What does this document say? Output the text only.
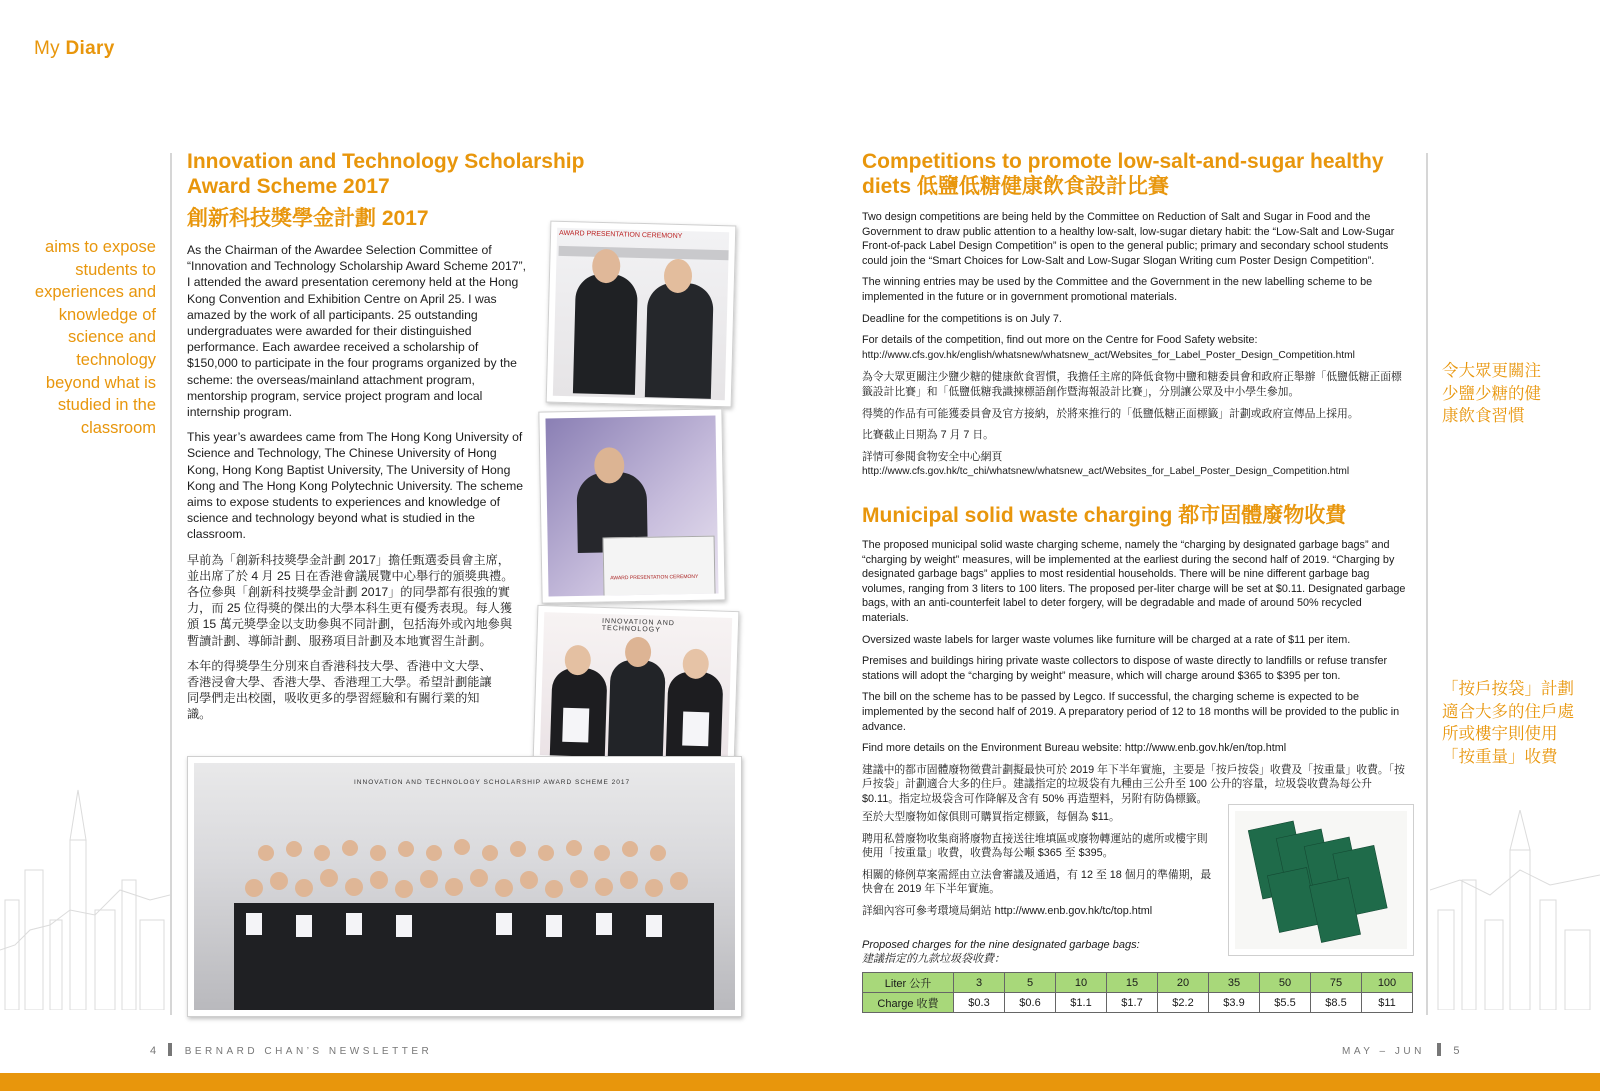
My Diary
aims to expose students to experiences and knowledge of science and technology beyond what is studied in the classroom
Innovation and Technology Scholarship Award Scheme 2017
創新科技獎學金計劃 2017

As the Chairman of the Awardee Selection Committee of “Innovation and Technology Scholarship Award Scheme 2017”, I attended the award presentation ceremony held at the Hong Kong Convention and Exhibition Centre on April 25. I was amazed by the work of all participants. 25 outstanding undergraduates were awarded for their distinguished performance. Each awardee received a scholarship of $150,000 to participate in the four programs organized by the scheme: the overseas/mainland attachment program, mentorship program, service project program and local internship program.

This year’s awardees came from The Hong Kong University of Science and Technology, The Chinese University of Hong Kong, Hong Kong Baptist University, The University of Hong Kong and The Hong Kong Polytechnic University. The scheme aims to expose students to experiences and knowledge of science and technology beyond what is studied in the classroom.

早前為「創新科技獎學金計劃 2017」擔任甄選委員會主席，並出席了於 4 月 25 日在香港會議展覽中心舉行的頒獎典禮。各位參與「創新科技獎學金計劃 2017」的同學都有很強的實力，而 25 位得獎的傑出的大學本科生更有優秀表現。每人獲頒 15 萬元獎學金以支助參與不同計劃，包括海外或內地參與暫讀計劃、導師計劃、服務項目計劃及本地實習生計劃。

本年的得獎學生分別來自香港科技大學、香港中文大學、香港浸會大學、香港大學、香港理工大學。希望計劃能讓同學們走出校園，吸收更多的學習經驗和有關行業的知識。

AWARD PRESENTATION CEREMONY
AWARD PRESENTATION CEREMONY
INNOVATION AND TECHNOLOGY
INNOVATION AND TECHNOLOGY SCHOLARSHIP AWARD SCHEME 2017
Competitions to promote low-salt-and-sugar healthy diets 低鹽低糖健康飲食設計比賽

Two design competitions are being held by the Committee on Reduction of Salt and Sugar in Food and the Government to draw public attention to a healthy low-salt, low-sugar dietary habit: the “Low-Salt and Low-Sugar Front-of-pack Label Design Competition” is open to the general public; primary and secondary school students could join the “Smart Choices for Low-Salt and Low-Sugar Slogan Writing cum Poster Design Competition”.

The winning entries may be used by the Committee and the Government in the new labelling scheme to be implemented in the future or in government promotional materials.

Deadline for the competitions is on July 7.

For details of the competition, find out more on the Centre for Food Safety website:
http://www.cfs.gov.hk/english/whatsnew/whatsnew_act/Websites_for_Label_Poster_Design_Competition.html

為令大眾更關注少鹽少糖的健康飲食習慣，我擔任主席的降低食物中鹽和糖委員會和政府正舉辦「低鹽低糖正面標籤設計比賽」和「低鹽低糖我識揀標語創作暨海報設計比賽」，分別讓公眾及中小學生參加。

得獎的作品有可能獲委員會及官方接納，於將來推行的「低鹽低糖正面標籤」計劃或政府宣傳品上採用。

比賽截止日期為 7 月 7 日。

詳情可參閱食物安全中心網頁
http://www.cfs.gov.hk/tc_chi/whatsnew/whatsnew_act/Websites_for_Label_Poster_Design_Competition.html

令大眾更關注少鹽少糖的健康飲食習慣
「按戶按袋」計劃適合大多的住戶處所或樓宇則使用「按重量」收費
Municipal solid waste charging 都市固體廢物收費

The proposed municipal solid waste charging scheme, namely the “charging by designated garbage bags” and “charging by weight” measures, will be implemented at the earliest during the second half of 2019. “Charging by designated garbage bags” applies to most residential households. There will be nine different garbage bag volumes, ranging from 3 liters to 100 liters. The proposed per-liter charge will be set at $0.11. Designated garbage bags, with an anti-counterfeit label to deter forgery, will be degradable and made of around 50% recycled materials.

Oversized waste labels for larger waste volumes like furniture will be charged at a rate of $11 per item.

Premises and buildings hiring private waste collectors to dispose of waste directly to landfills or refuse transfer stations will adopt the “charging by weight” measure, which will charge around $365 to $395 per ton.

The bill on the scheme has to be passed by Legco. If successful, the charging scheme is expected to be implemented by the second half of 2019. A preparatory period of 12 to 18 months will be provided to the public in advance.

Find more details on the Environment Bureau website: http://www.enb.gov.hk/en/top.html

建議中的都市固體廢物徵費計劃擬最快可於 2019 年下半年實施，主要是「按戶按袋」收費及「按重量」收費。「按戶按袋」計劃適合大多的住戶。建議指定的垃圾袋有九種由三公升至 100 公升的容量，垃圾袋收費為每公升 $0.11。指定垃圾袋含可作降解及含有 50% 再造塑料，另附有防偽標籤。

至於大型廢物如傢俱則可購買指定標籤，每個為 $11。

聘用私營廢物收集商將廢物直接送往堆填區或廢物轉運站的處所或樓宇則使用「按重量」收費，收費為每公噸 $365 至 $395。

相關的條例草案需經由立法會審議及通過，有 12 至 18 個月的準備期，最快會在 2019 年下半年實施。

詳細內容可參考環境局網站 http://www.enb.gov.hk/tc/top.html

Proposed charges for the nine designated garbage bags:
建議指定的九款垃圾袋收費：
Liter 公升	3	5	10	15	20	35	50	75	100
Charge 收費	$0.3	$0.6	$1.1	$1.7	$2.2	$3.9	$5.5	$8.5	$11
4	BERNARD CHAN’S NEWSLETTER	MAY – JUN	5
